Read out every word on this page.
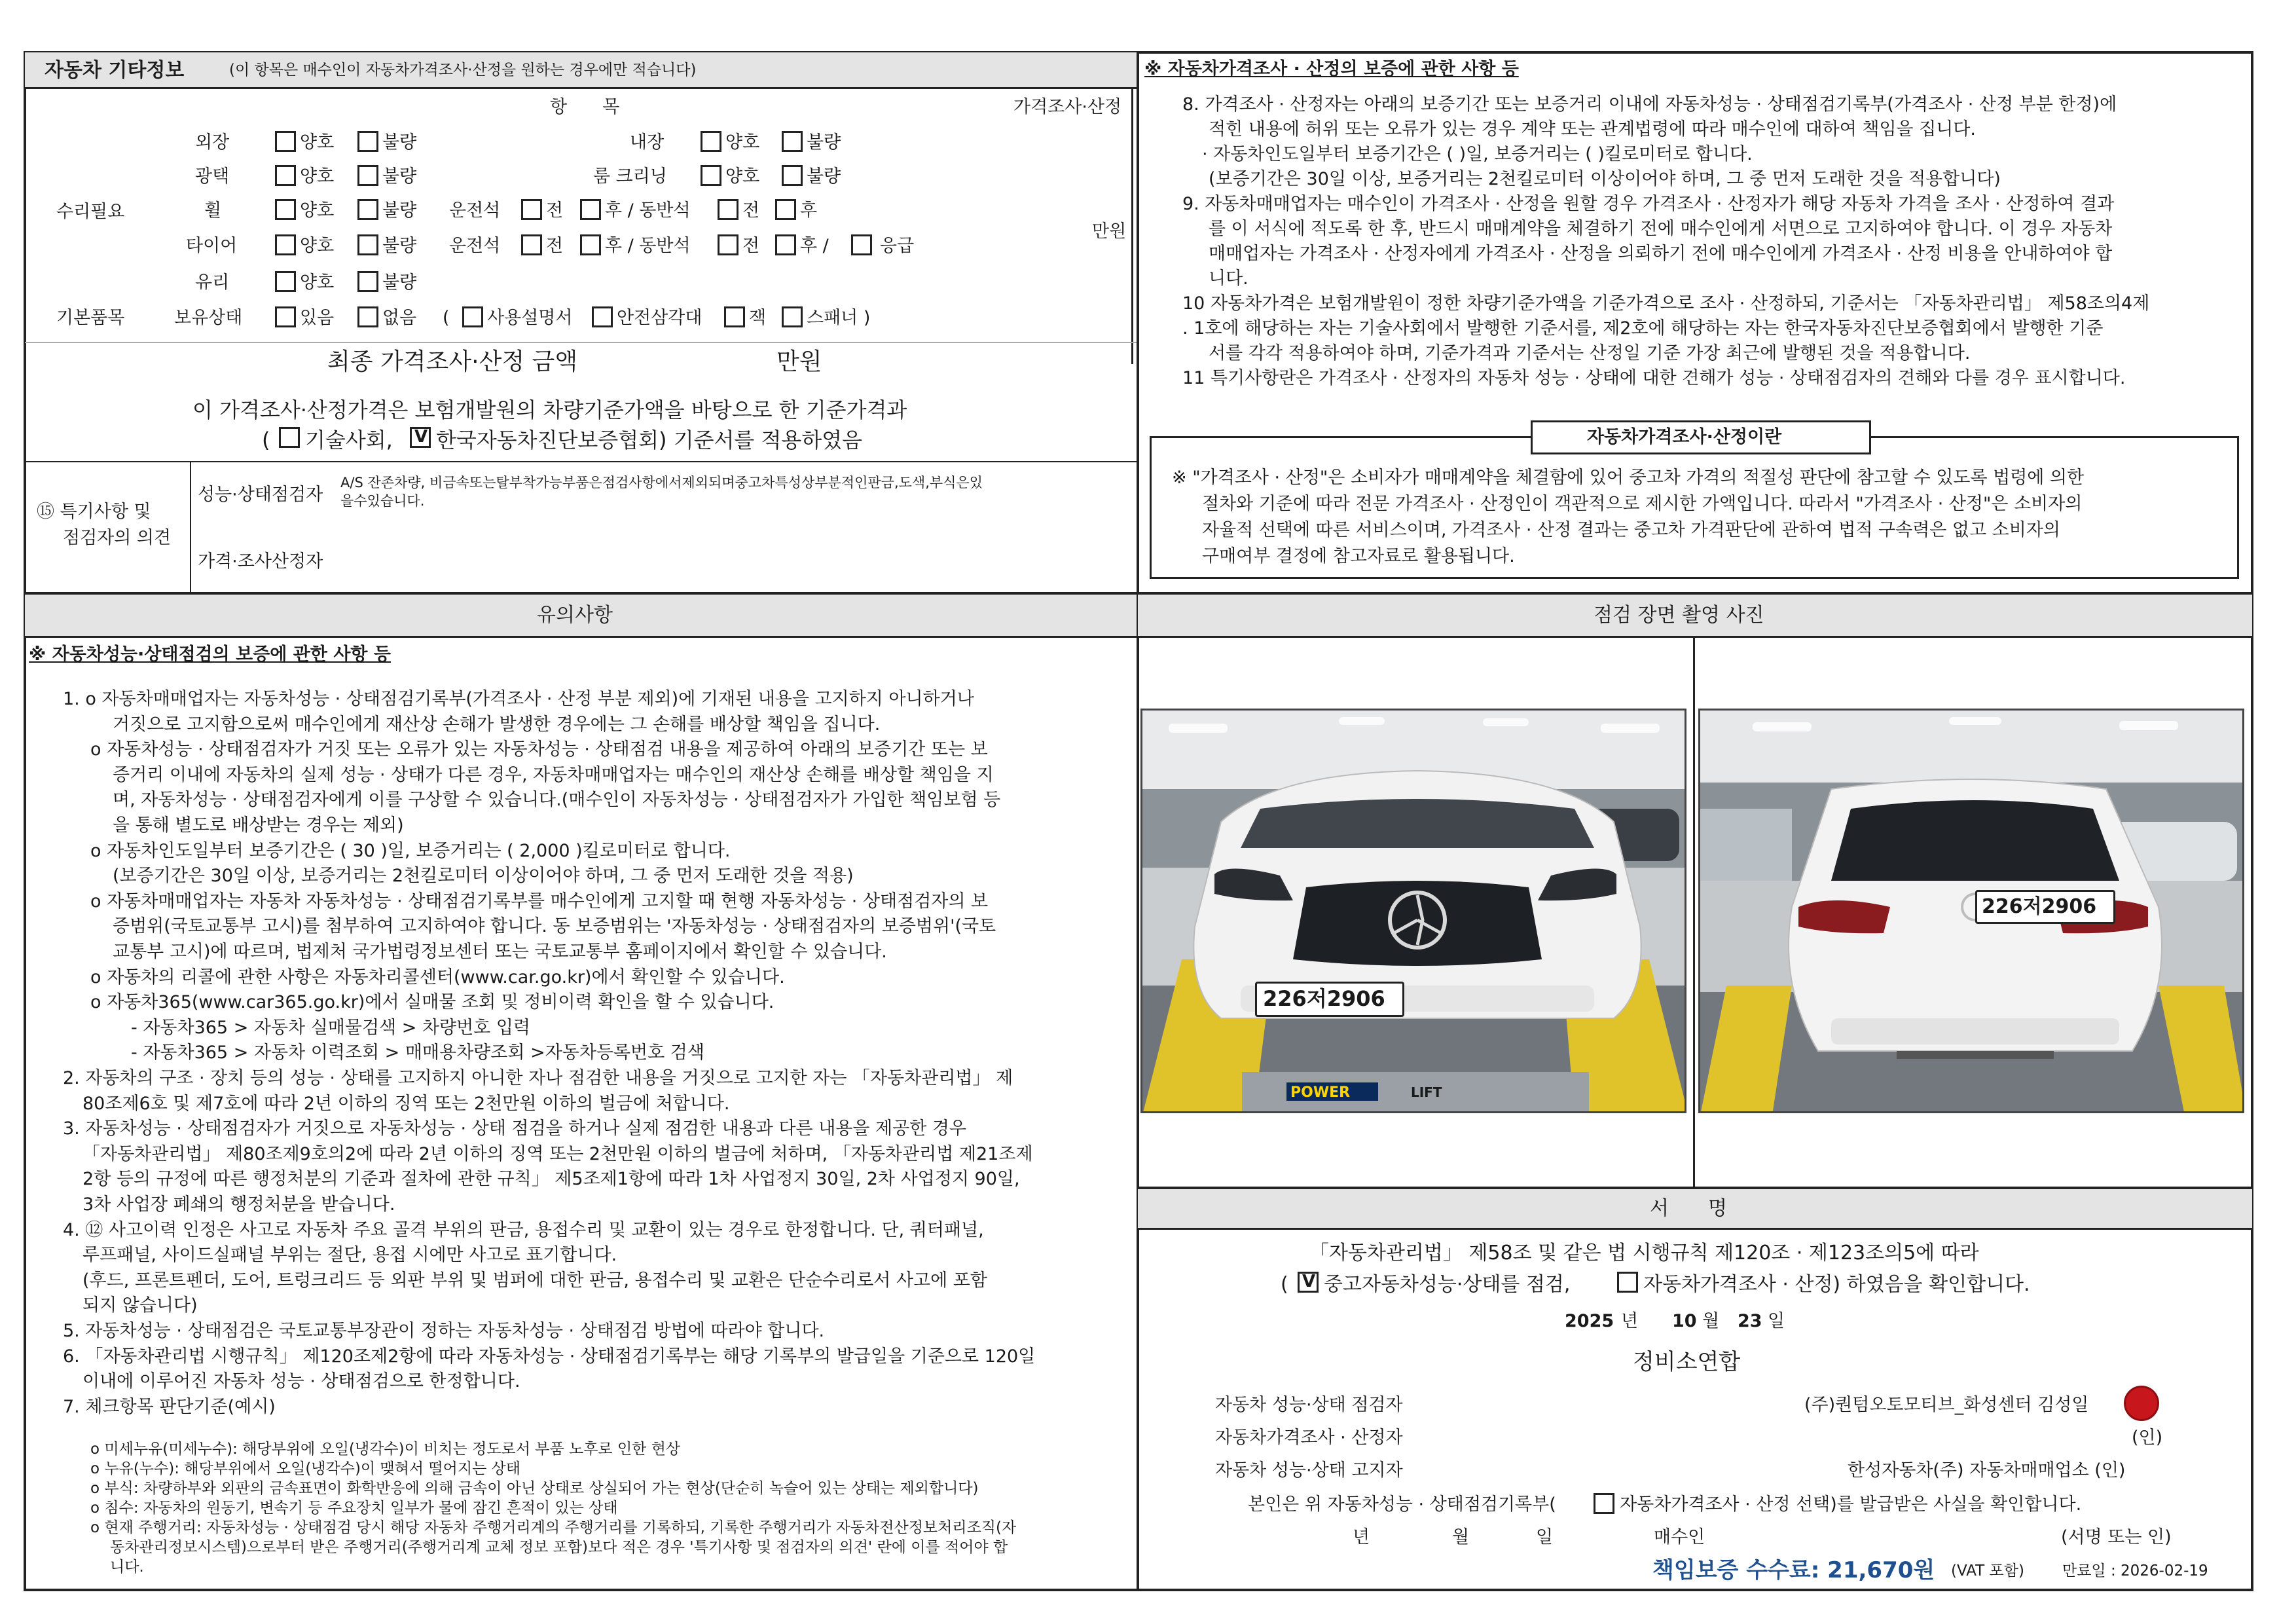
자동차 기타정보	(이 항목은 매수인이 자동차가격조사·산정을 원하는 경우에만 적습니다)
항　　목	가격조사·산정
수리필요
기본품목
만원
외장	양호	불량	내장	양호	불량
광택	양호	불량	룸 크리닝	양호	불량
휠	양호	불량 운전석	전 후 / 동반석	전 후
타이어	양호	불량 운전석	전 후 / 동반석	전 후 /	응급
유리	양호	불량
보유상태	있음	없음 ( 사용설명서	안전삼각대	잭 스패너 )
최종 가격조사·산정 금액	만원
이 가격조사·산정가격은 보험개발원의 차량기준가액을 바탕으로 한 기준가격과
( 기술사회, V 한국자동차진단보증협회) 기준서를 적용하였음
⑮ 특기사항 및
점검자의 의견
성능·상태점검자
A/S 잔존차량, 비금속또는탈부착가능부품은점검사항에서제외되며중고차특성상부분적인판금,도색,부식은있
을수있습니다.
가격·조사산정자
※ 자동차가격조사 · 산정의 보증에 관한 사항 등
8. 가격조사 · 산정자는 아래의 보증기간 또는 보증거리 이내에 자동차성능 · 상태점검기록부(가격조사 · 산정 부분 한정)에
적힌 내용에 허위 또는 오류가 있는 경우 계약 또는 관계법령에 따라 매수인에 대하여 책임을 집니다.
· 자동차인도일부터 보증기간은 ( )일, 보증거리는 ( )킬로미터로 합니다.
(보증기간은 30일 이상, 보증거리는 2천킬로미터 이상이어야 하며, 그 중 먼저 도래한 것을 적용합니다)
9. 자동차매매업자는 매수인이 가격조사 · 산정을 원할 경우 가격조사 · 산정자가 해당 자동차 가격을 조사 · 산정하여 결과
를 이 서식에 적도록 한 후, 반드시 매매계약을 체결하기 전에 매수인에게 서면으로 고지하여야 합니다. 이 경우 자동차
매매업자는 가격조사 · 산정자에게 가격조사 · 산정을 의뢰하기 전에 매수인에게 가격조사 · 산정 비용을 안내하여야 합
니다.
10 자동차가격은 보험개발원이 정한 차량기준가액을 기준가격으로 조사 · 산정하되, 기준서는 「자동차관리법」 제58조의4제
. 1호에 해당하는 자는 기술사회에서 발행한 기준서를, 제2호에 해당하는 자는 한국자동차진단보증협회에서 발행한 기준
서를 각각 적용하여야 하며, 기준가격과 기준서는 산정일 기준 가장 최근에 발행된 것을 적용합니다.
11 특기사항란은 가격조사 · 산정자의 자동차 성능 · 상태에 대한 견해가 성능 · 상태점검자의 견해와 다를 경우 표시합니다.
자동차가격조사·산정이란
※ "가격조사 · 산정"은 소비자가 매매계약을 체결함에 있어 중고차 가격의 적절성 판단에 참고할 수 있도록 법령에 의한
절차와 기준에 따라 전문 가격조사 · 산정인이 객관적으로 제시한 가액입니다. 따라서 "가격조사 · 산정"은 소비자의
자율적 선택에 따른 서비스이며, 가격조사 · 산정 결과는 중고차 가격판단에 관하여 법적 구속력은 없고 소비자의
구매여부 결정에 참고자료로 활용됩니다.
유의사항
※ 자동차성능·상태점검의 보증에 관한 사항 등
1. o 자동차매매업자는 자동차성능 · 상태점검기록부(가격조사 · 산정 부분 제외)에 기재된 내용을 고지하지 아니하거나
거짓으로 고지함으로써 매수인에게 재산상 손해가 발생한 경우에는 그 손해를 배상할 책임을 집니다.
o 자동차성능 · 상태점검자가 거짓 또는 오류가 있는 자동차성능 · 상태점검 내용을 제공하여 아래의 보증기간 또는 보
증거리 이내에 자동차의 실제 성능 · 상태가 다른 경우, 자동차매매업자는 매수인의 재산상 손해를 배상할 책임을 지
며, 자동차성능 · 상태점검자에게 이를 구상할 수 있습니다.(매수인이 자동차성능 · 상태점검자가 가입한 책임보험 등
을 통해 별도로 배상받는 경우는 제외)
o 자동차인도일부터 보증기간은 ( 30 )일, 보증거리는 ( 2,000 )킬로미터로 합니다.
(보증기간은 30일 이상, 보증거리는 2천킬로미터 이상이어야 하며, 그 중 먼저 도래한 것을 적용)
o 자동차매매업자는 자동차 자동차성능 · 상태점검기록부를 매수인에게 고지할 때 현행 자동차성능 · 상태점검자의 보
증범위(국토교통부 고시)를 첨부하여 고지하여야 합니다. 동 보증범위는 '자동차성능 · 상태점검자의 보증범위'(국토
교통부 고시)에 따르며, 법제처 국가법령정보센터 또는 국토교통부 홈페이지에서 확인할 수 있습니다.
o 자동차의 리콜에 관한 사항은 자동차리콜센터(www.car.go.kr)에서 확인할 수 있습니다.
o 자동차365(www.car365.go.kr)에서 실매물 조회 및 정비이력 확인을 할 수 있습니다.
- 자동차365 > 자동차 실매물검색 > 차량번호 입력
- 자동차365 > 자동차 이력조회 > 매매용차량조회 >자동차등록번호 검색
2. 자동차의 구조 · 장치 등의 성능 · 상태를 고지하지 아니한 자나 점검한 내용을 거짓으로 고지한 자는 「자동차관리법」 제
80조제6호 및 제7호에 따라 2년 이하의 징역 또는 2천만원 이하의 벌금에 처합니다.
3. 자동차성능 · 상태점검자가 거짓으로 자동차성능 · 상태 점검을 하거나 실제 점검한 내용과 다른 내용을 제공한 경우
「자동차관리법」 제80조제9호의2에 따라 2년 이하의 징역 또는 2천만원 이하의 벌금에 처하며, 「자동차관리법 제21조제
2항 등의 규정에 따른 행정처분의 기준과 절차에 관한 규칙」 제5조제1항에 따라 1차 사업정지 30일, 2차 사업정지 90일,
3차 사업장 폐쇄의 행정처분을 받습니다.
4. ⑫ 사고이력 인정은 사고로 자동차 주요 골격 부위의 판금, 용접수리 및 교환이 있는 경우로 한정합니다. 단, 쿼터패널,
루프패널, 사이드실패널 부위는 절단, 용접 시에만 사고로 표기합니다.
(후드, 프론트펜더, 도어, 트렁크리드 등 외판 부위 및 범퍼에 대한 판금, 용접수리 및 교환은 단순수리로서 사고에 포함
되지 않습니다)
5. 자동차성능 · 상태점검은 국토교통부장관이 정하는 자동차성능 · 상태점검 방법에 따라야 합니다.
6. 「자동차관리법 시행규칙」 제120조제2항에 따라 자동차성능 · 상태점검기록부는 해당 기록부의 발급일을 기준으로 120일
이내에 이루어진 자동차 성능 · 상태점검으로 한정합니다.
7. 체크항목 판단기준(예시)
o 미세누유(미세누수): 해당부위에 오일(냉각수)이 비치는 정도로서 부품 노후로 인한 현상
o 누유(누수): 해당부위에서 오일(냉각수)이 맺혀서 떨어지는 상태
o 부식: 차량하부와 외판의 금속표면이 화학반응에 의해 금속이 아닌 상태로 상실되어 가는 현상(단순히 녹슬어 있는 상태는 제외합니다)
o 침수: 자동차의 원동기, 변속기 등 주요장치 일부가 물에 잠긴 흔적이 있는 상태
o 현재 주행거리: 자동차성능 · 상태점검 당시 해당 자동차 주행거리계의 주행거리를 기록하되, 기록한 주행거리가 자동차전산정보처리조직(자
동차관리정보시스템)으로부터 받은 주행거리(주행거리계 교체 정보 포함)보다 적은 경우 '특기사항 및 점검자의 의견' 란에 이를 적어야 합
니다.
점검 장면 촬영 사진
POWER	LIFT
226저2906
226저2906
서　　명
「자동차관리법」 제58조 및 같은 법 시행규칙 제120조 · 제123조의5에 따라
( V 중고자동차성능·상태를 점검,	자동차가격조사 · 산정) 하였음을 확인합니다.
2025 년 10 월 23 일
정비소연합
자동차 성능·상태 점검자	(주)퀀텀오토모티브_화성센터 김성일
자동차가격조사 · 산정자	(인)
자동차 성능·상태 고지자	한성자동차(주) 자동차매매업소 (인)
본인은 위 자동차성능 · 상태점검기록부(	자동차가격조사 · 산정 선택)를 발급받은 사실을 확인합니다.
년	월	일	매수인	(서명 또는 인)
책임보증 수수료: 21,670원 (VAT 포함)	만료일 : 2026-02-19
